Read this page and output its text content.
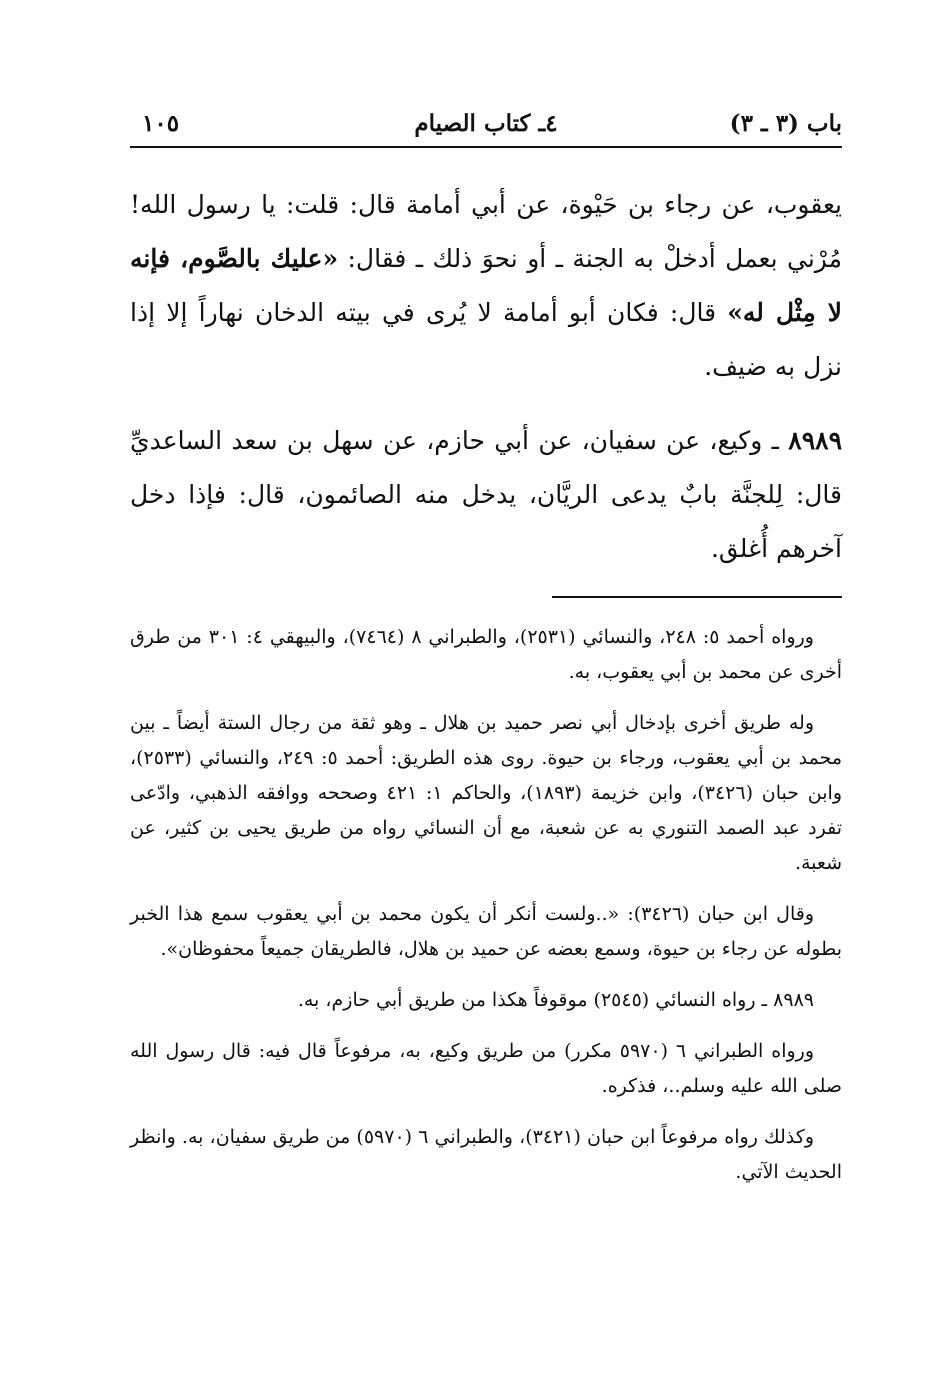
باب (٣ ـ ٣)
٤ـ كتاب الصيام
١٠٥

يعقوب، عن رجاء بن حَيْوة، عن أبي أمامة قال: قلت: يا رسول الله! مُرْني بعمل أدخلْ به الجنة ـ أو نحوَ ذلك ـ فقال: «عليك بالصَّوم، فإنه لا مِثْل له» قال: فكان أبو أمامة لا يُرى في بيته الدخان نهاراً إلا إذا نزل به ضيف.

٨٩٨٩ ـ وكيع، عن سفيان، عن أبي حازم، عن سهل بن سعد الساعديِّ قال: لِلجنَّة بابٌ يدعى الريَّان، يدخل منه الصائمون، قال: فإذا دخل آخرهم أُغلق.

ورواه أحمد ٥: ٢٤٨، والنسائي (٢٥٣١)، والطبراني ٨ (٧٤٦٤)، والبيهقي ٤: ٣٠١ من طرق أخرى عن محمد بن أبي يعقوب، به.

وله طريق أخرى بإدخال أبي نصر حميد بن هلال ـ وهو ثقة من رجال الستة أيضاً ـ بين محمد بن أبي يعقوب، ورجاء بن حيوة. روى هذه الطريق: أحمد ٥: ٢٤٩، والنسائي (٢٥٣٣)، وابن حبان (٣٤٢٦)، وابن خزيمة (١٨٩٣)، والحاكم ١: ٤٢١ وصححه ووافقه الذهبي، وادّعى تفرد عبد الصمد التنوري به عن شعبة، مع أن النسائي رواه من طريق يحيى بن كثير، عن شعبة.

وقال ابن حبان (٣٤٢٦): «..ولست أنكر أن يكون محمد بن أبي يعقوب سمع هذا الخبر بطوله عن رجاء بن حيوة، وسمع بعضه عن حميد بن هلال، فالطريقان جميعاً محفوظان».

٨٩٨٩ ـ رواه النسائي (٢٥٤٥) موقوفاً هكذا من طريق أبي حازم، به.

ورواه الطبراني ٦ (٥٩٧٠ مكرر) من طريق وكيع، به، مرفوعاً قال فيه: قال رسول الله صلى الله عليه وسلم..، فذكره.

وكذلك رواه مرفوعاً ابن حبان (٣٤٢١)، والطبراني ٦ (٥٩٧٠) من طريق سفيان، به. وانظر الحديث الآتي.
